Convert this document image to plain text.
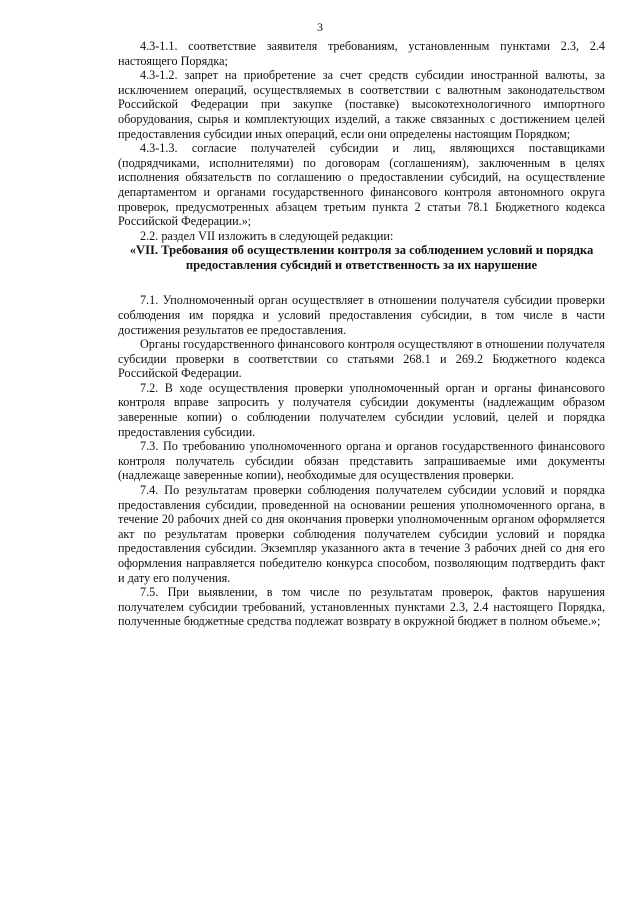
3

4.3-1.1. соответствие заявителя требованиям, установленным пунктами 2.3, 2.4 настоящего Порядка;

4.3-1.2. запрет на приобретение за счет средств субсидии иностранной валюты, за исключением операций, осуществляемых в соответствии с валютным законодательством Российской Федерации при закупке (поставке) высокотехнологичного импортного оборудования, сырья и комплектующих изделий, а также связанных с достижением целей предоставления субсидии иных операций, если они определены настоящим Порядком;

4.3-1.3. согласие получателей субсидии и лиц, являющихся поставщиками (подрядчиками, исполнителями) по договорам (соглашениям), заключенным в целях исполнения обязательств по соглашению о предоставлении субсидий, на осуществление департаментом и органами государственного финансового контроля автономного округа проверок, предусмотренных абзацем третьим пункта 2 статьи 78.1 Бюджетного кодекса Российской Федерации.»;

2.2. раздел VII изложить в следующей редакции:

«VII. Требования об осуществлении контроля за соблюдением условий и порядка предоставления субсидий и ответственность за их нарушение

7.1. Уполномоченный орган осуществляет в отношении получателя субсидии проверки соблюдения им порядка и условий предоставления субсидии, в том числе в части достижения результатов ее предоставления.

Органы государственного финансового контроля осуществляют в отношении получателя субсидии проверки в соответствии со статьями 268.1 и 269.2 Бюджетного кодекса Российской Федерации.

7.2. В ходе осуществления проверки уполномоченный орган и органы финансового контроля вправе запросить у получателя субсидии документы (надлежащим образом заверенные копии) о соблюдении получателем субсидии условий, целей и порядка предоставления субсидии.

7.3. По требованию уполномоченного органа и органов государственного финансового контроля получатель субсидии обязан представить запрашиваемые ими документы (надлежаще заверенные копии), необходимые для осуществления проверки.

7.4. По результатам проверки соблюдения получателем субсидии условий и порядка предоставления субсидии, проведенной на основании решения уполномоченного органа, в течение 20 рабочих дней со дня окончания проверки уполномоченным органом оформляется акт по результатам проверки соблюдения получателем субсидии условий и порядка предоставления субсидии. Экземпляр указанного акта в течение 3 рабочих дней со дня его оформления направляется победителю конкурса способом, позволяющим подтвердить факт и дату его получения.

7.5. При выявлении, в том числе по результатам проверок, фактов нарушения получателем субсидии требований, установленных пунктами 2.3, 2.4 настоящего Порядка, полученные бюджетные средства подлежат возврату в окружной бюджет в полном объеме.»;
